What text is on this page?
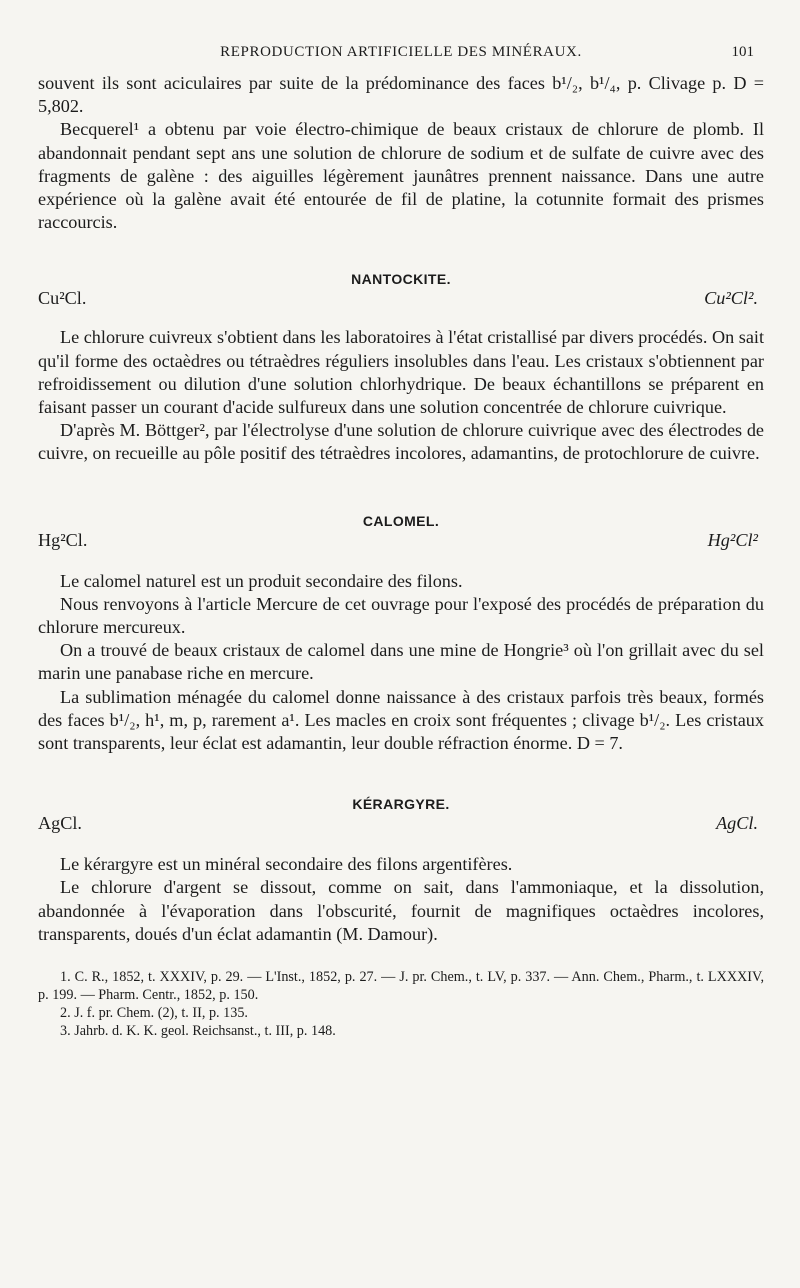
REPRODUCTION ARTIFICIELLE DES MINÉRAUX.	101

souvent ils sont aciculaires par suite de la prédominance des faces b¹/₂, b¹/₄, p. Clivage p. D = 5,802.

Becquerel¹ a obtenu par voie électro-chimique de beaux cristaux de chlorure de plomb. Il abandonnait pendant sept ans une solution de chlorure de sodium et de sulfate de cuivre avec des fragments de galène : des aiguilles légèrement jaunâtres prennent naissance. Dans une autre expérience où la galène avait été entourée de fil de platine, la cotunnite formait des prismes raccourcis.

NANTOCKITE.
Cu²Cl.	Cu²Cl².

Le chlorure cuivreux s'obtient dans les laboratoires à l'état cristallisé par divers procédés. On sait qu'il forme des octaèdres ou tétraèdres réguliers insolubles dans l'eau. Les cristaux s'obtiennent par refroidissement ou dilution d'une solution chlorhydrique. De beaux échantillons se préparent en faisant passer un courant d'acide sulfureux dans une solution concentrée de chlorure cuivrique.

D'après M. Böttger², par l'électrolyse d'une solution de chlorure cuivrique avec des électrodes de cuivre, on recueille au pôle positif des tétraèdres incolores, adamantins, de protochlorure de cuivre.

CALOMEL.
Hg²Cl.	Hg²Cl²

Le calomel naturel est un produit secondaire des filons.

Nous renvoyons à l'article Mercure de cet ouvrage pour l'exposé des procédés de préparation du chlorure mercureux.

On a trouvé de beaux cristaux de calomel dans une mine de Hongrie³ où l'on grillait avec du sel marin une panabase riche en mercure.

La sublimation ménagée du calomel donne naissance à des cristaux parfois très beaux, formés des faces b¹/₂, h¹, m, p, rarement a¹. Les macles en croix sont fréquentes ; clivage b¹/₂. Les cristaux sont transparents, leur éclat est adamantin, leur double réfraction énorme. D = 7.

KÉRARGYRE.
AgCl.	AgCl.

Le kérargyre est un minéral secondaire des filons argentifères.

Le chlorure d'argent se dissout, comme on sait, dans l'ammoniaque, et la dissolution, abandonnée à l'évaporation dans l'obscurité, fournit de magnifiques octaèdres incolores, transparents, doués d'un éclat adamantin (M. Damour).

1. C. R., 1852, t. XXXIV, p. 29. — L'Inst., 1852, p. 27. — J. pr. Chem., t. LV, p. 337. — Ann. Chem., Pharm., t. LXXXIV, p. 199. — Pharm. Centr., 1852, p. 150.

2. J. f. pr. Chem. (2), t. II, p. 135.

3. Jahrb. d. K. K. geol. Reichsanst., t. III, p. 148.
